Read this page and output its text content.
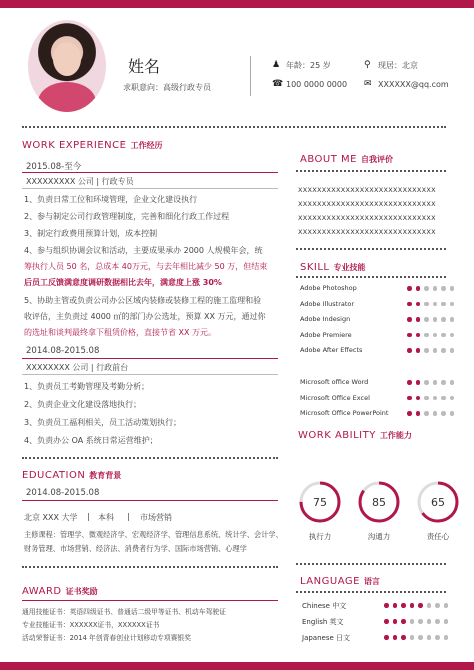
姓名
求职意向：高级行政专员
♟ 年龄：25 岁	⚲ 现居：北京
☎ 100 0000 0000 ✉ XXXXXX@qq.com
WORK EXPERIENCE 工作经历
2015.08-至今
XXXXXXXXX 公司 | 行政专员
1、负责日常工位和环境管理，企业文化建设执行
2、参与制定公司行政管理制度，完善和细化行政工作过程
3、制定行政费用预算计划，成本控制
4、参与组织协调会议和活动，主要成果承办 2000 人规模年会，统
筹执行人员 50 名，总成本 40万元，与去年相比减少 50 万，但结束
后员工反馈满意度调研数据相比去年，满意度上涨 30%
5、协助主管或负责公司办公区域内装修或装修工程的施工监理和验
收评估，主负责过 4000 ㎡的部门办公选址，预算 XX 万元，通过你
的选址和谈判最终拿下租赁价格，直接节省 XX 万元。
2014.08-2015.08
XXXXXXXX 公司 | 行政前台
1、负责员工考勤管理及考勤分析；
2、负责企业文化建设落地执行；
3、负责员工福利相关，员工活动策划执行；
4、负责办公 OA 系统日常运营维护；
EDUCATION 教育背景
2014.08-2015.08
北京 XXX 大学 | 本科 | 市场营销
主修课程：管理学、微观经济学、宏观经济学、管理信息系统、统计学、会计学、
财务管理、市场营销、经济法、消费者行为学、国际市场营销、心理学
AWARD 证书奖励
通用技能证书：英语四级证书、普通话二级甲等证书、机动车驾驶证
专业技能证书：XXXXXX证书，XXXXXX证书
活动荣誉证书：2014 年创青春创业计划移动专项赛银奖
ABOUT ME 自我评价
XXXXXXXXXXXXXXXXXXXXXXXXXXXXX
XXXXXXXXXXXXXXXXXXXXXXXXXXXXX
XXXXXXXXXXXXXXXXXXXXXXXXXXXXX
XXXXXXXXXXXXXXXXXXXXXXXXXXXXX
SKILL 专业技能
Adobe Photoshop
Adobe Illustrator
Adobe Indesign
Adobe Premiere
Adobe After Effects
Microsoft office Word
Microsoft Office Excel
Microsoft Office PowerPoint
WORK ABILITY 工作能力
75
执行力
85
沟通力
65
责任心
LANGUAGE 语言
Chinese 中文
English 英文
Japanese 日文
